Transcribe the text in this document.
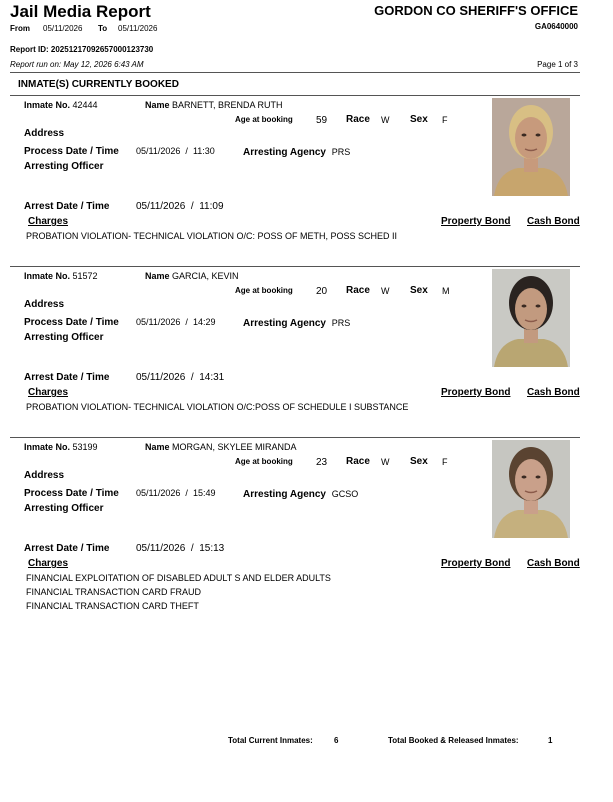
Jail Media Report
From 05/11/2026 To 05/11/2026
GORDON CO SHERIFF'S OFFICE
GA0640000
Report ID: 20251217092657000123730
Report run on: May 12, 2026 6:43 AM	Page 1 of 3
INMATE(S) CURRENTLY BOOKED
Inmate No. 42444	Name BARNETT, BRENDA RUTH
Age at booking 59 Race W Sex F
Address
Process Date / Time 05/11/2026 / 11:30	Arresting Agency PRS
Arresting Officer
Arrest Date / Time	05/11/2026 / 11:09
Charges	Property Bond Cash Bond
PROBATION VIOLATION- TECHNICAL VIOLATION O/C: POSS OF METH, POSS SCHED II
Inmate No. 51572	Name GARCIA, KEVIN
Age at booking 20 Race W Sex M
Address
Process Date / Time 05/11/2026 / 14:29	Arresting Agency PRS
Arresting Officer
Arrest Date / Time	05/11/2026 / 14:31
Charges	Property Bond Cash Bond
PROBATION VIOLATION- TECHNICAL VIOLATION O/C:POSS OF SCHEDULE I SUBSTANCE
Inmate No. 53199	Name MORGAN, SKYLEE MIRANDA
Age at booking 23 Race W Sex F
Address
Process Date / Time 05/11/2026 / 15:49	Arresting Agency GCSO
Arresting Officer
Arrest Date / Time	05/11/2026 / 15:13
Charges	Property Bond Cash Bond
FINANCIAL EXPLOITATION OF DISABLED ADULT S AND ELDER ADULTS
FINANCIAL TRANSACTION CARD FRAUD
FINANCIAL TRANSACTION CARD THEFT
Total Current Inmates:	6	Total Booked & Released Inmates:	1
